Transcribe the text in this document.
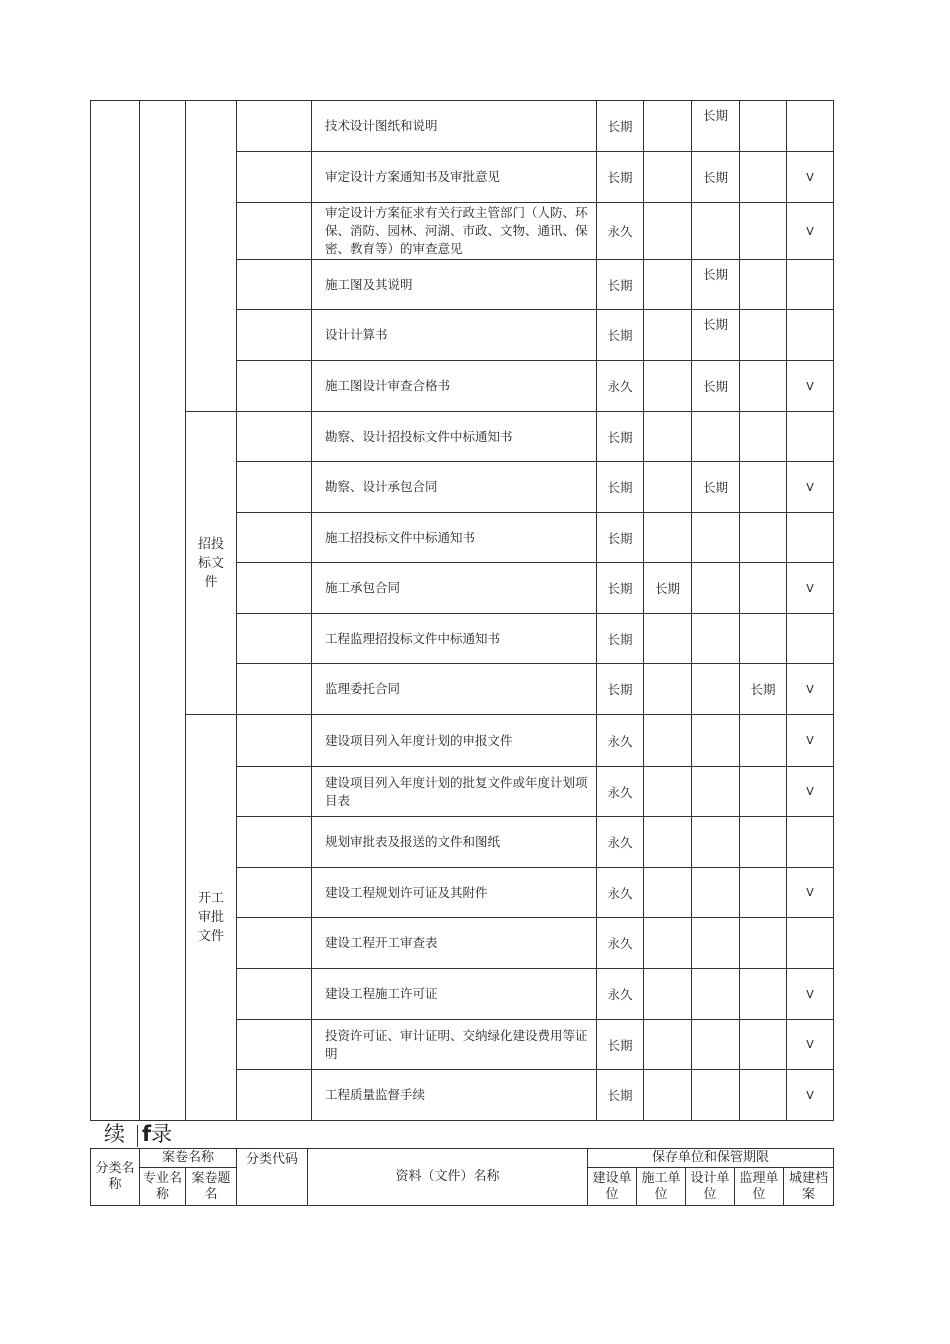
				技术设计图纸和说明	长期		长期		
				审定设计方案通知书及审批意见	长期		长期		V
				审定设计方案征求有关行政主管部门（人防、环保、消防、园林、河湖、市政、文物、通讯、保密、教育等）的审查意见	永久				V
				施工图及其说明	长期		长期		
				设计计算书	长期		长期		
				施工图设计审查合格书	永久		长期		V
		招投标文件		勘察、设计招投标文件中标通知书	长期				
				勘察、设计承包合同	长期		长期		V
				施工招投标文件中标通知书	长期				
				施工承包合同	长期	长期			V
				工程监理招投标文件中标通知书	长期				
				监理委托合同	长期			长期	V
		开工审批文件		建设项目列入年度计划的申报文件	永久				V
				建设项目列入年度计划的批复文件或年度计划项目表	永久				V
				规划审批表及报送的文件和图纸	永久				
				建设工程规划许可证及其附件	永久				V
				建设工程开工审查表	永久				
				建设工程施工许可证	永久				V
				投资许可证、审计证明、交纳绿化建设费用等证明	长期				V
				工程质量监督手续	长期				V
续 f录
分类名称	案卷名称		分类代码	资料（文件）名称	保存单位和保管期限				
	专业名称	案卷题名			建设单位	施工单位	设计单位	监理单位	城建档案
